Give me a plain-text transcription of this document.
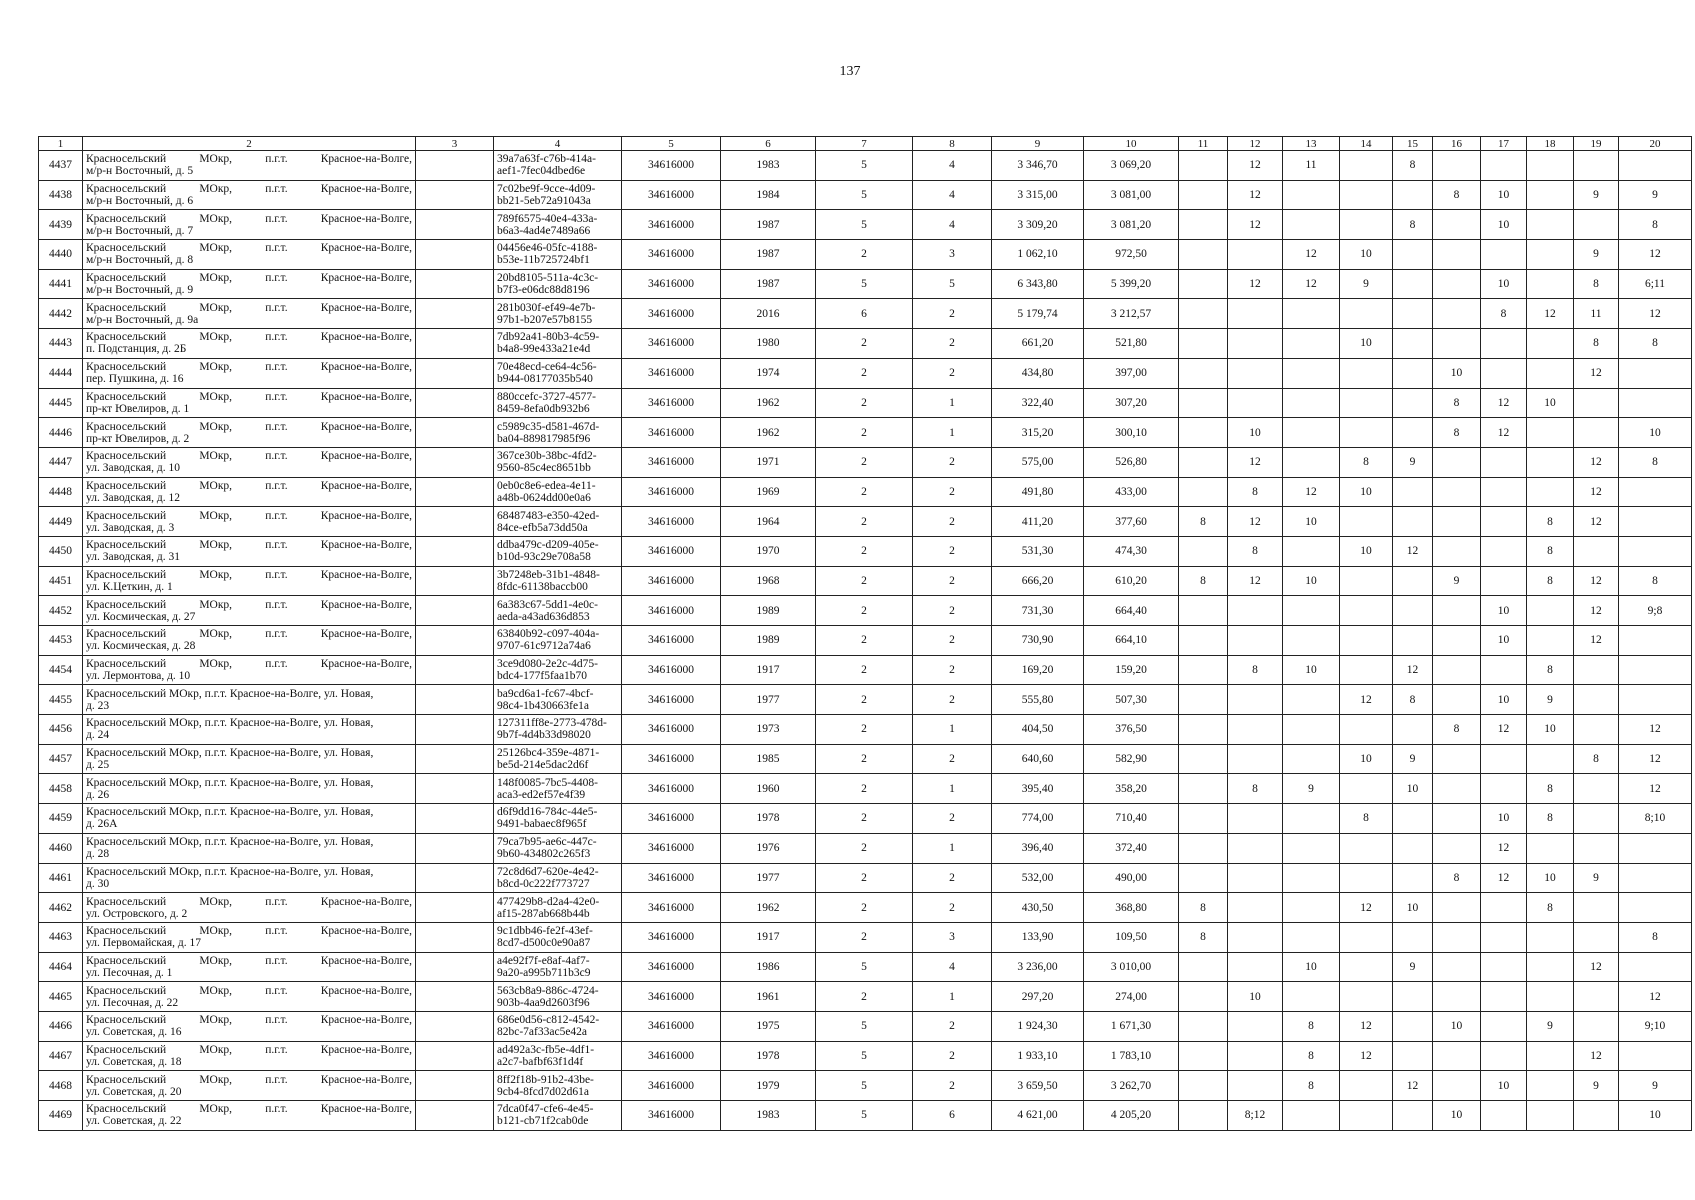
137
1	2	3	4	5	6	7	8	9	10	11	12	13	14	15	16	17	18	19	20
4437	Красносельский МОкр, п.г.т. Красное-на-Волге,
м/р-н Восточный, д. 5		39a7a63f-c76b-414a-
aef1-7fec04dbed6e	34616000	1983	5	4	3 346,70	3 069,20		12	11		8					
4438	Красносельский МОкр, п.г.т. Красное-на-Волге,
м/р-н Восточный, д. 6		7c02be9f-9cce-4d09-
bb21-5eb72a91043a	34616000	1984	5	4	3 315,00	3 081,00		12				8	10		9	9
4439	Красносельский МОкр, п.г.т. Красное-на-Волге,
м/р-н Восточный, д. 7		789f6575-40e4-433a-
b6a3-4ad4e7489a66	34616000	1987	5	4	3 309,20	3 081,20		12			8		10			8
4440	Красносельский МОкр, п.г.т. Красное-на-Волге,
м/р-н Восточный, д. 8		04456e46-05fc-4188-
b53e-11b725724bf1	34616000	1987	2	3	1 062,10	972,50			12	10					9	12
4441	Красносельский МОкр, п.г.т. Красное-на-Волге,
м/р-н Восточный, д. 9		20bd8105-511a-4c3c-
b7f3-e06dc88d8196	34616000	1987	5	5	6 343,80	5 399,20		12	12	9			10		8	6;11
4442	Красносельский МОкр, п.г.т. Красное-на-Волге,
м/р-н Восточный, д. 9а		281b030f-ef49-4e7b-
97b1-b207e57b8155	34616000	2016	6	2	5 179,74	3 212,57							8	12	11	12
4443	Красносельский МОкр, п.г.т. Красное-на-Волге,
п. Подстанция, д. 2Б		7db92a41-80b3-4c59-
b4a8-99e433a21e4d	34616000	1980	2	2	661,20	521,80				10					8	8
4444	Красносельский МОкр, п.г.т. Красное-на-Волге,
пер. Пушкина, д. 16		70e48ecd-ce64-4c56-
b944-08177035b540	34616000	1974	2	2	434,80	397,00						10			12	
4445	Красносельский МОкр, п.г.т. Красное-на-Волге,
пр-кт Ювелиров, д. 1		880ccefc-3727-4577-
8459-8efa0db932b6	34616000	1962	2	1	322,40	307,20						8	12	10		
4446	Красносельский МОкр, п.г.т. Красное-на-Волге,
пр-кт Ювелиров, д. 2		c5989c35-d581-467d-
ba04-889817985f96	34616000	1962	2	1	315,20	300,10		10				8	12			10
4447	Красносельский МОкр, п.г.т. Красное-на-Волге,
ул. Заводская, д. 10		367ce30b-38bc-4fd2-
9560-85c4ec8651bb	34616000	1971	2	2	575,00	526,80		12		8	9				12	8
4448	Красносельский МОкр, п.г.т. Красное-на-Волге,
ул. Заводская, д. 12		0eb0c8e6-edea-4e11-
a48b-0624dd00e0a6	34616000	1969	2	2	491,80	433,00		8	12	10					12	
4449	Красносельский МОкр, п.г.т. Красное-на-Волге,
ул. Заводская, д. 3		68487483-e350-42ed-
84ce-efb5a73dd50a	34616000	1964	2	2	411,20	377,60	8	12	10					8	12	
4450	Красносельский МОкр, п.г.т. Красное-на-Волге,
ул. Заводская, д. 31		ddba479c-d209-405e-
b10d-93c29e708a58	34616000	1970	2	2	531,30	474,30		8		10	12			8		
4451	Красносельский МОкр, п.г.т. Красное-на-Волге,
ул. К.Цеткин, д. 1		3b7248eb-31b1-4848-
8fdc-61138baccb00	34616000	1968	2	2	666,20	610,20	8	12	10			9		8	12	8
4452	Красносельский МОкр, п.г.т. Красное-на-Волге,
ул. Космическая, д. 27		6a383c67-5dd1-4e0c-
aeda-a43ad636d853	34616000	1989	2	2	731,30	664,40							10		12	9;8
4453	Красносельский МОкр, п.г.т. Красное-на-Волге,
ул. Космическая, д. 28		63840b92-c097-404a-
9707-61c9712a74a6	34616000	1989	2	2	730,90	664,10							10		12	
4454	Красносельский МОкр, п.г.т. Красное-на-Волге,
ул. Лермонтова, д. 10		3ce9d080-2e2c-4d75-
bdc4-177f5faa1b70	34616000	1917	2	2	169,20	159,20		8	10		12			8		
4455	Красносельский МОкр, п.г.т. Красное-на-Волге, ул. Новая,
д. 23		ba9cd6a1-fc67-4bcf-
98c4-1b430663fe1a	34616000	1977	2	2	555,80	507,30				12	8		10	9		
4456	Красносельский МОкр, п.г.т. Красное-на-Волге, ул. Новая,
д. 24		127311ff8e-2773-478d-
9b7f-4d4b33d98020	34616000	1973	2	1	404,50	376,50						8	12	10		12
4457	Красносельский МОкр, п.г.т. Красное-на-Волге, ул. Новая,
д. 25		25126bc4-359e-4871-
be5d-214e5dac2d6f	34616000	1985	2	2	640,60	582,90				10	9				8	12
4458	Красносельский МОкр, п.г.т. Красное-на-Волге, ул. Новая,
д. 26		148f0085-7bc5-4408-
aca3-ed2ef57e4f39	34616000	1960	2	1	395,40	358,20		8	9		10			8		12
4459	Красносельский МОкр, п.г.т. Красное-на-Волге, ул. Новая,
д. 26А		d6f9dd16-784c-44e5-
9491-babaec8f965f	34616000	1978	2	2	774,00	710,40				8			10	8		8;10
4460	Красносельский МОкр, п.г.т. Красное-на-Волге, ул. Новая,
д. 28		79ca7b95-ae6c-447c-
9b60-434802c265f3	34616000	1976	2	1	396,40	372,40							12			
4461	Красносельский МОкр, п.г.т. Красное-на-Волге, ул. Новая,
д. 30		72c8d6d7-620e-4e42-
b8cd-0c222f773727	34616000	1977	2	2	532,00	490,00						8	12	10	9	
4462	Красносельский МОкр, п.г.т. Красное-на-Волге,
ул. Островского, д. 2		477429b8-d2a4-42e0-
af15-287ab668b44b	34616000	1962	2	2	430,50	368,80	8			12	10			8		
4463	Красносельский МОкр, п.г.т. Красное-на-Волге,
ул. Первомайская, д. 17		9c1dbb46-fe2f-43ef-
8cd7-d500c0e90a87	34616000	1917	2	3	133,90	109,50	8									8
4464	Красносельский МОкр, п.г.т. Красное-на-Волге,
ул. Песочная, д. 1		a4e92f7f-e8af-4af7-
9a20-a995b711b3c9	34616000	1986	5	4	3 236,00	3 010,00			10		9				12	
4465	Красносельский МОкр, п.г.т. Красное-на-Волге,
ул. Песочная, д. 22		563cb8a9-886c-4724-
903b-4aa9d2603f96	34616000	1961	2	1	297,20	274,00		10								12
4466	Красносельский МОкр, п.г.т. Красное-на-Волге,
ул. Советская, д. 16		686e0d56-c812-4542-
82bc-7af33ac5e42a	34616000	1975	5	2	1 924,30	1 671,30			8	12		10		9		9;10
4467	Красносельский МОкр, п.г.т. Красное-на-Волге,
ул. Советская, д. 18		ad492a3c-fb5e-4df1-
a2c7-bafbf63f1d4f	34616000	1978	5	2	1 933,10	1 783,10			8	12					12	
4468	Красносельский МОкр, п.г.т. Красное-на-Волге,
ул. Советская, д. 20		8ff2f18b-91b2-43be-
9cb4-8fcd7d02d61a	34616000	1979	5	2	3 659,50	3 262,70			8		12		10		9	9
4469	Красносельский МОкр, п.г.т. Красное-на-Волге,
ул. Советская, д. 22		7dca0f47-cfe6-4e45-
b121-cb71f2cab0de	34616000	1983	5	6	4 621,00	4 205,20		8;12				10				10
